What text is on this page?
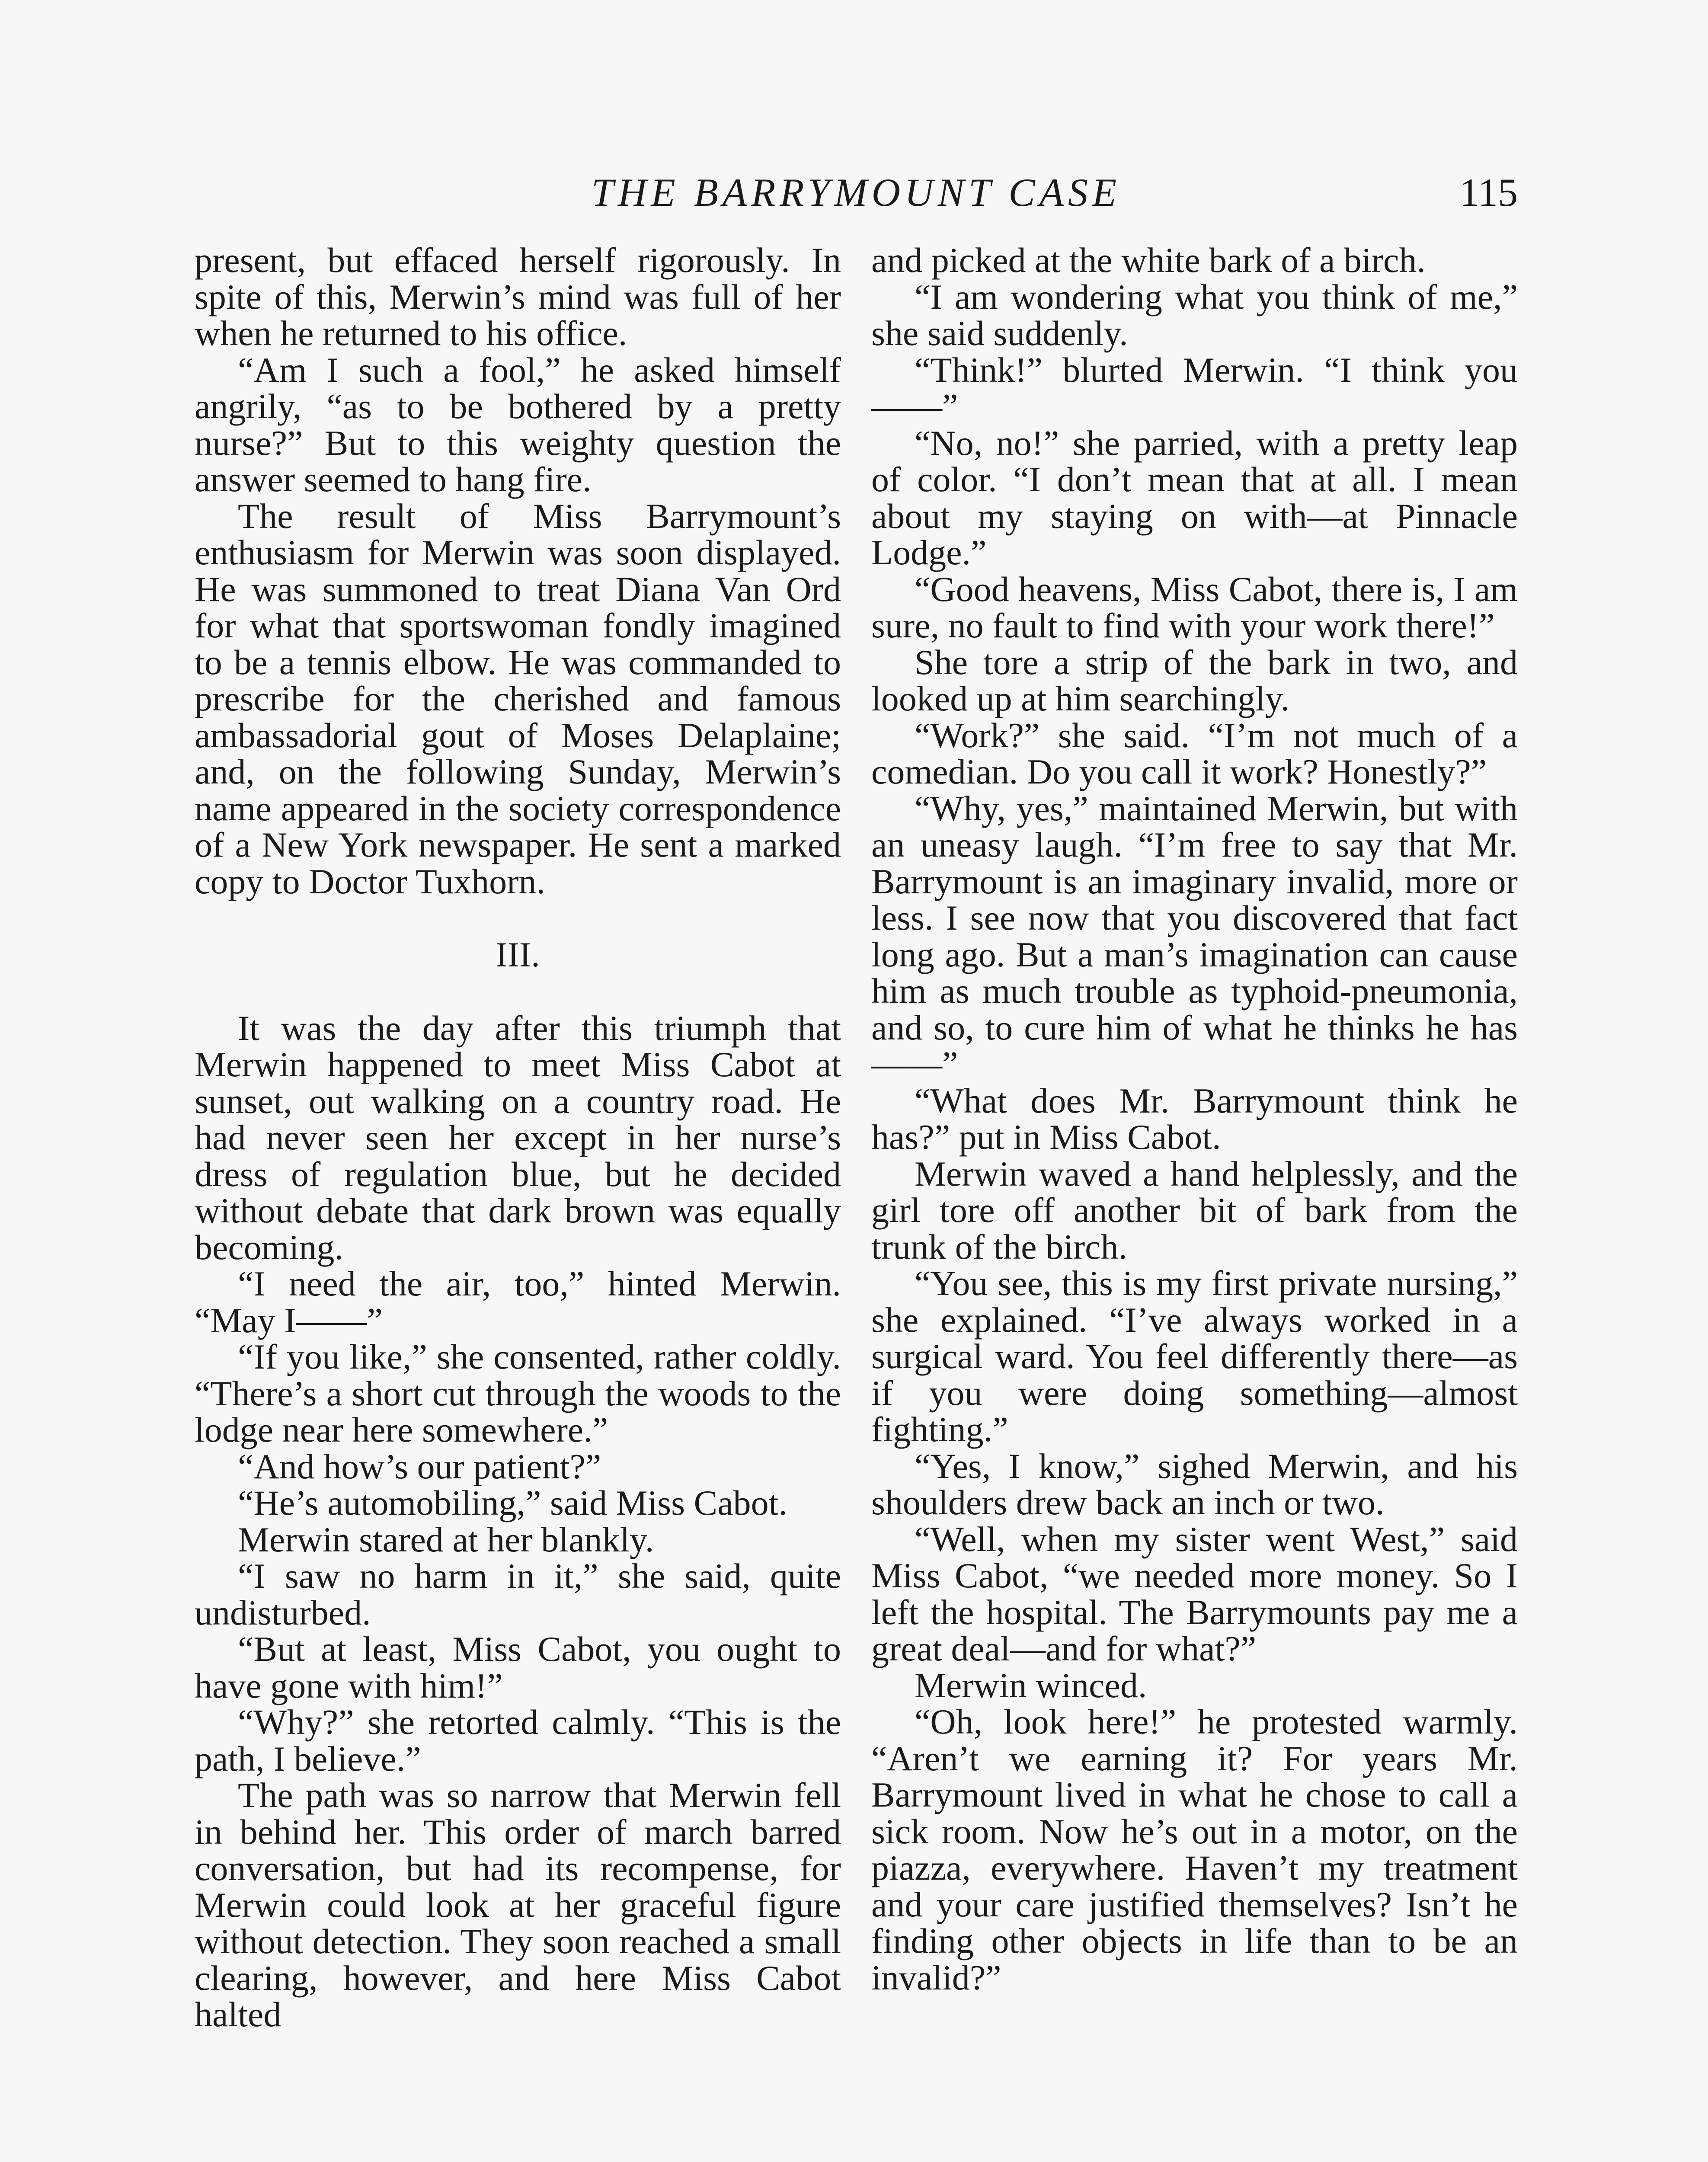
THE BARRYMOUNT CASE	115

present, but effaced herself rigorously. In spite of this, Merwin’s mind was full of her when he returned to his office.

“Am I such a fool,” he asked himself angrily, “as to be bothered by a pretty nurse?” But to this weighty question the answer seemed to hang fire.

The result of Miss Barrymount’s enthusiasm for Merwin was soon displayed. He was summoned to treat Diana Van Ord for what that sportswoman fondly imagined to be a tennis elbow. He was commanded to prescribe for the cherished and famous ambassadorial gout of Moses Delaplaine; and, on the following Sunday, Merwin’s name appeared in the society correspondence of a New York newspaper. He sent a marked copy to Doctor Tuxhorn.

III.

It was the day after this triumph that Merwin happened to meet Miss Cabot at sunset, out walking on a country road. He had never seen her except in her nurse’s dress of regulation blue, but he decided without debate that dark brown was equally becoming.

“I need the air, too,” hinted Merwin. “May I——”

“If you like,” she consented, rather coldly. “There’s a short cut through the woods to the lodge near here somewhere.”

“And how’s our patient?”

“He’s automobiling,” said Miss Cabot.

Merwin stared at her blankly.

“I saw no harm in it,” she said, quite undisturbed.

“But at least, Miss Cabot, you ought to have gone with him!”

“Why?” she retorted calmly. “This is the path, I believe.”

The path was so narrow that Merwin fell in behind her. This order of march barred conversation, but had its recompense, for Merwin could look at her graceful figure without detection. They soon reached a small clearing, however, and here Miss Cabot halted

and picked at the white bark of a birch.

“I am wondering what you think of me,” she said suddenly.

“Think!” blurted Merwin. “I think you——”

“No, no!” she parried, with a pretty leap of color. “I don’t mean that at all. I mean about my staying on with—at Pinnacle Lodge.”

“Good heavens, Miss Cabot, there is, I am sure, no fault to find with your work there!”

She tore a strip of the bark in two, and looked up at him searchingly.

“Work?” she said. “I’m not much of a comedian. Do you call it work? Honestly?”

“Why, yes,” maintained Merwin, but with an uneasy laugh. “I’m free to say that Mr. Barrymount is an imaginary invalid, more or less. I see now that you discovered that fact long ago. But a man’s imagination can cause him as much trouble as typhoid-pneumonia, and so, to cure him of what he thinks he has——”

“What does Mr. Barrymount think he has?” put in Miss Cabot.

Merwin waved a hand helplessly, and the girl tore off another bit of bark from the trunk of the birch.

“You see, this is my first private nursing,” she explained. “I’ve always worked in a surgical ward. You feel differently there—as if you were doing something—almost fighting.”

“Yes, I know,” sighed Merwin, and his shoulders drew back an inch or two.

“Well, when my sister went West,” said Miss Cabot, “we needed more money. So I left the hospital. The Barrymounts pay me a great deal—and for what?”

Merwin winced.

“Oh, look here!” he protested warmly. “Aren’t we earning it? For years Mr. Barrymount lived in what he chose to call a sick room. Now he’s out in a motor, on the piazza, everywhere. Haven’t my treatment and your care justified themselves? Isn’t he finding other objects in life than to be an invalid?”
